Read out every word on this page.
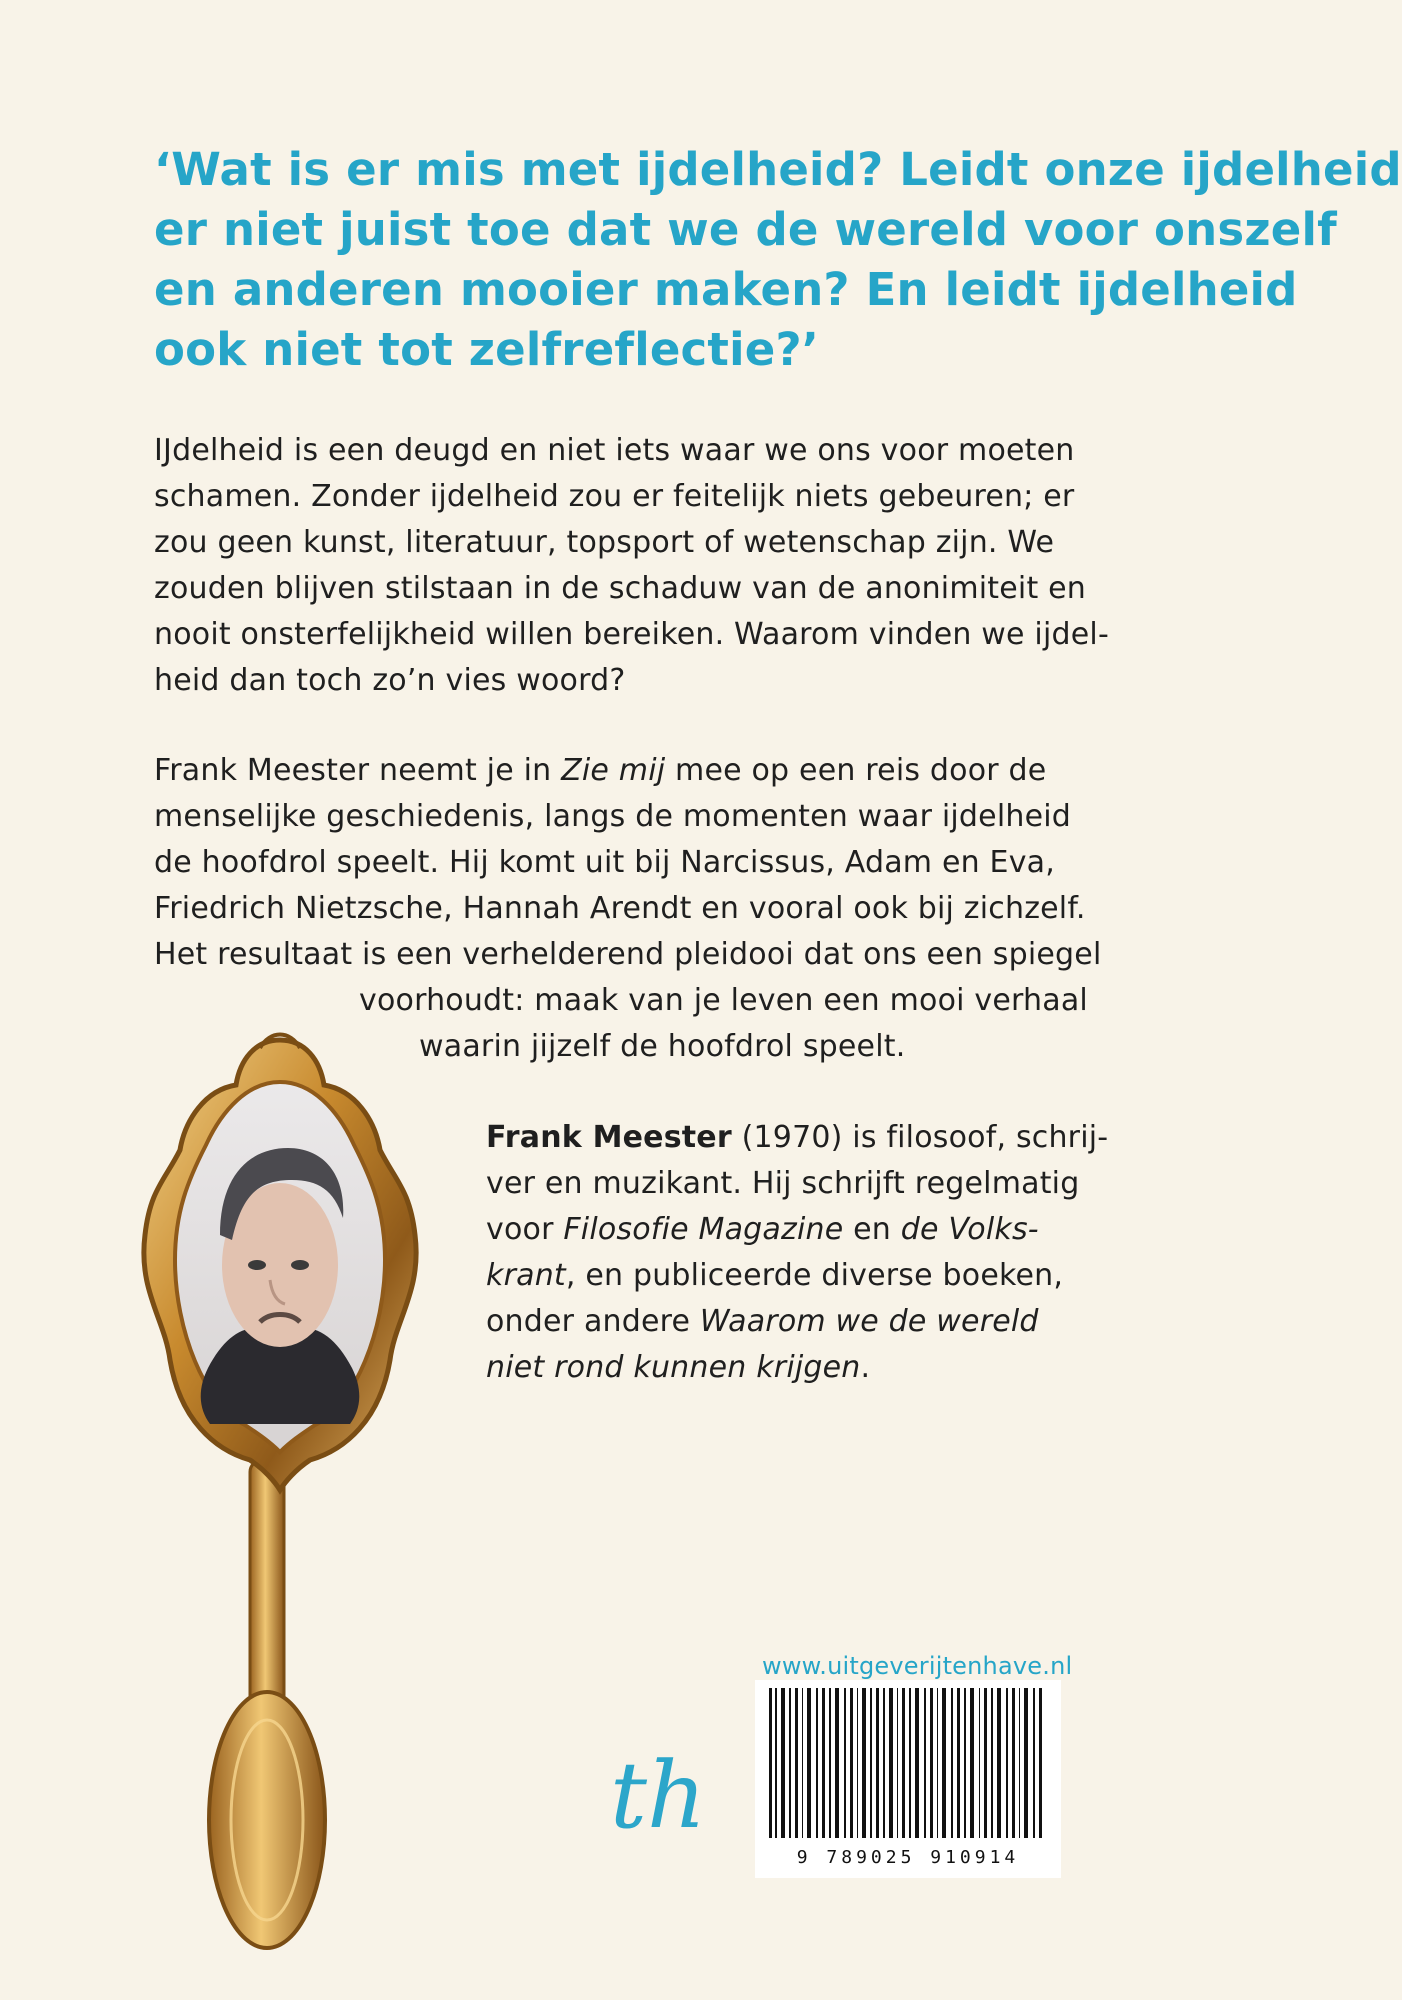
‘Wat is er mis met ijdelheid? Leidt onze ijdelheid
er niet juist toe dat we de wereld voor onszelf
en anderen mooier maken? En leidt ijdelheid
ook niet tot zelfreflectie?’
IJdelheid is een deugd en niet iets waar we ons voor moeten
schamen. Zonder ijdelheid zou er feitelijk niets gebeuren; er
zou geen kunst, literatuur, topsport of wetenschap zijn. We
zouden blijven stilstaan in de schaduw van de anonimiteit en
nooit onsterfelijkheid willen bereiken. Waarom vinden we ijdel-
heid dan toch zo’n vies woord?
Frank Meester neemt je in Zie mij mee op een reis door de
menselijke geschiedenis, langs de momenten waar ijdelheid
de hoofdrol speelt. Hij komt uit bij Narcissus, Adam en Eva,
Friedrich Nietzsche, Hannah Arendt en vooral ook bij zichzelf.
Het resultaat is een verhelderend pleidooi dat ons een spiegel
voorhoudt: maak van je leven een mooi verhaal
waarin jijzelf de hoofdrol speelt.
Frank Meester (1970) is filosoof, schrij-
ver en muzikant. Hij schrijft regelmatig
voor Filosofie Magazine en de Volks-
krant, en publiceerde diverse boeken,
onder andere Waarom we de wereld
niet rond kunnen krijgen.
www.uitgeverijtenhave.nl
th
9 789025 910914
